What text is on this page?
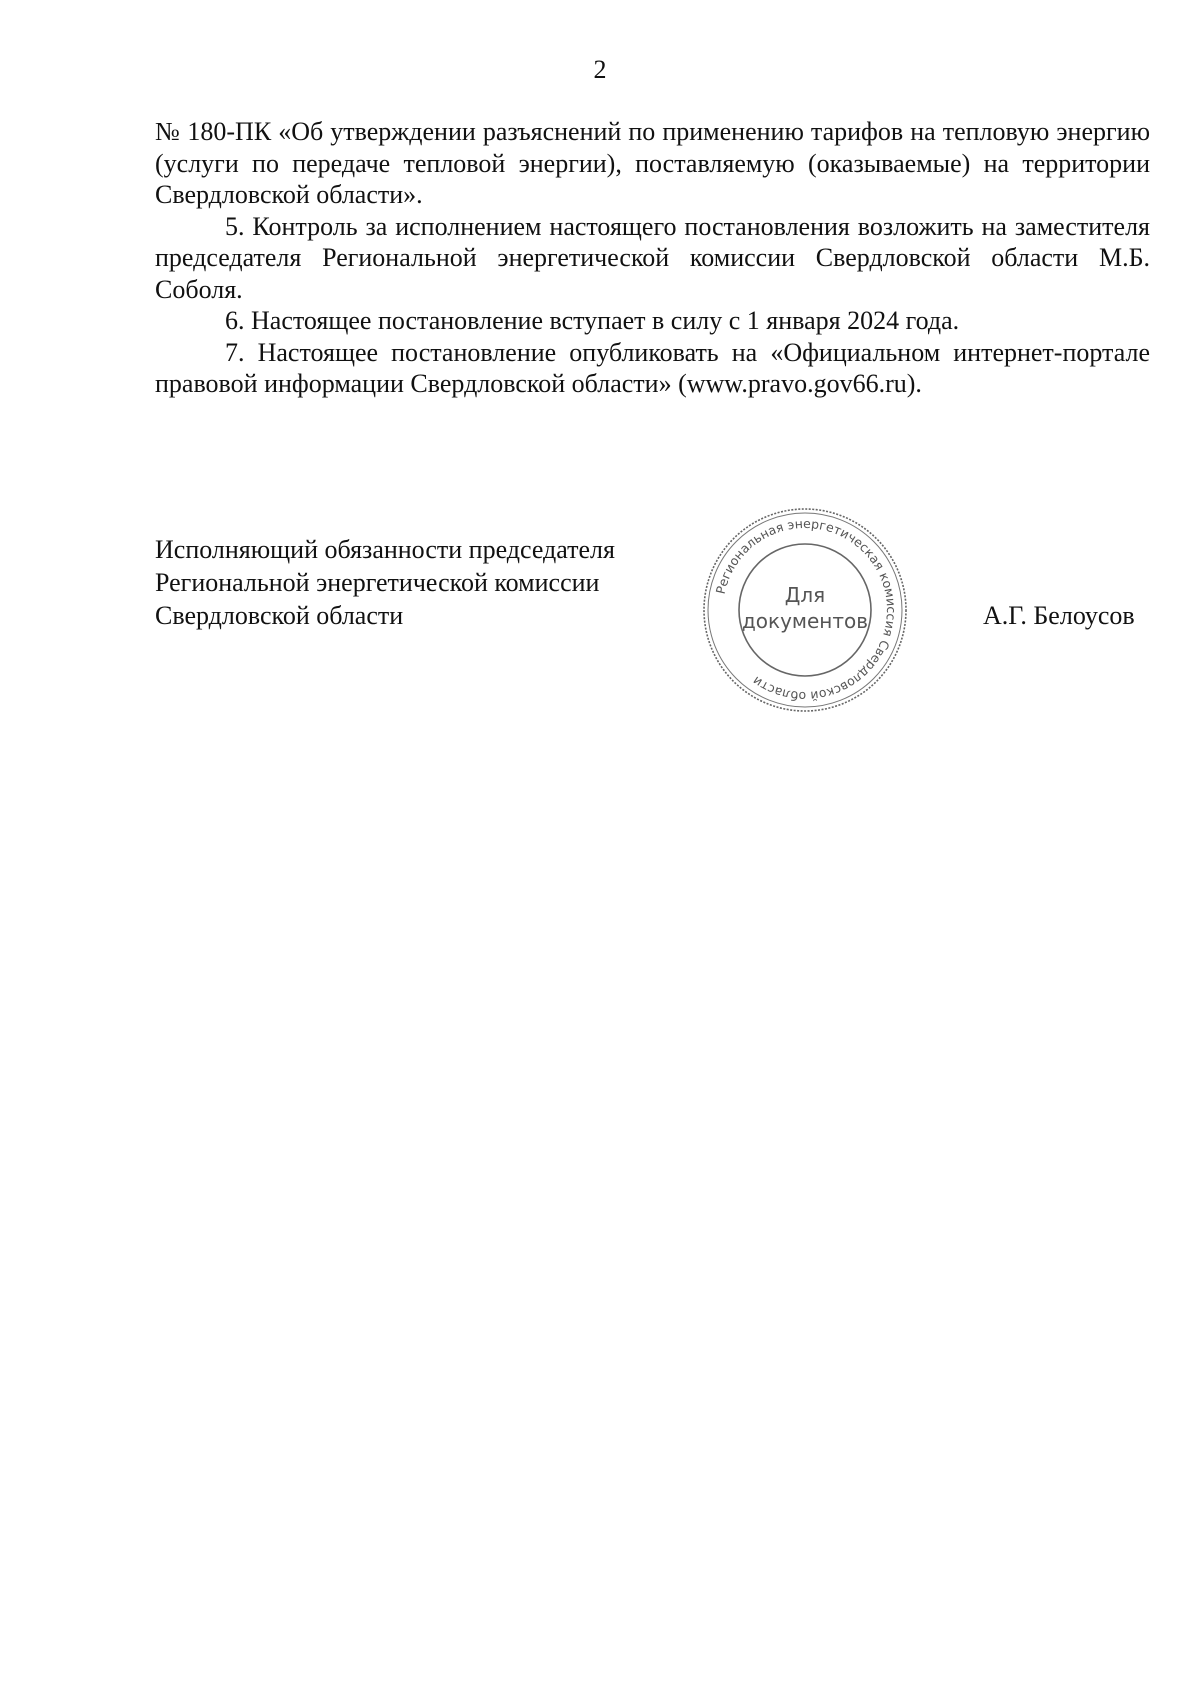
2

№ 180-ПК «Об утверждении разъяснений по применению тарифов на тепловую энергию (услуги по передаче тепловой энергии), поставляемую (оказываемые) на территории Свердловской области».

5. Контроль за исполнением настоящего постановления возложить на заместителя председателя Региональной энергетической комиссии Свердловской области М.Б. Соболя.

6. Настоящее постановление вступает в силу с 1 января 2024 года.

7. Настоящее постановление опубликовать на «Официальном интернет-портале правовой информации Свердловской области» (www.pravo.gov66.ru).

Исполняющий обязанности председателя
Региональной энергетической комиссии
Свердловской области
Региональная энергетическая комиссия Свердловской области
Для
документов	А.Г. Белоусов
